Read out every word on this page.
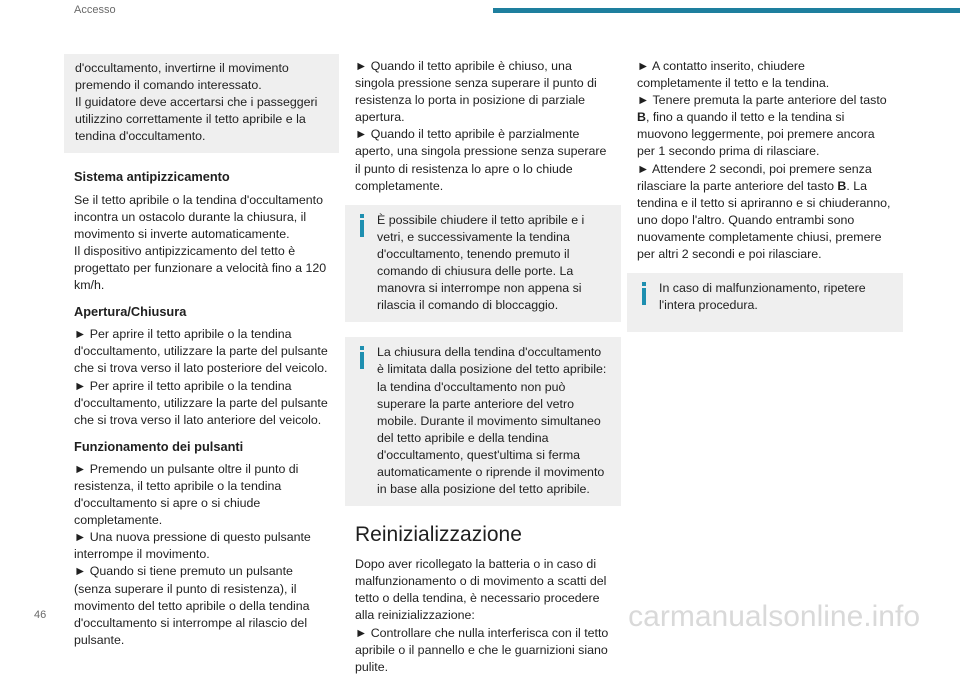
Accesso

d'occultamento, invertirne il movimento premendo il comando interessato.
Il guidatore deve accertarsi che i passeggeri utilizzino correttamente il tetto apribile e la tendina d'occultamento.

Sistema antipizzicamento

Se il tetto apribile o la tendina d'occultamento incontra un ostacolo durante la chiusura, il movimento si inverte automaticamente.
Il dispositivo antipizzicamento del tetto è progettato per funzionare a velocità fino a 120 km/h.

Apertura/Chiusura

► Per aprire il tetto apribile o la tendina d'occultamento, utilizzare la parte del pulsante che si trova verso il lato posteriore del veicolo.
► Per aprire il tetto apribile o la tendina d'occultamento, utilizzare la parte del pulsante che si trova verso il lato anteriore del veicolo.

Funzionamento dei pulsanti

► Premendo un pulsante oltre il punto di resistenza, il tetto apribile o la tendina d'occultamento si apre o si chiude completamente.
► Una nuova pressione di questo pulsante interrompe il movimento.
► Quando si tiene premuto un pulsante (senza superare il punto di resistenza), il movimento del tetto apribile o della tendina d'occultamento si interrompe al rilascio del pulsante.

► Quando il tetto apribile è chiuso, una singola pressione senza superare il punto di resistenza lo porta in posizione di parziale apertura.
► Quando il tetto apribile è parzialmente aperto, una singola pressione senza superare il punto di resistenza lo apre o lo chiude completamente.

È possibile chiudere il tetto apribile e i vetri, e successivamente la tendina d'occultamento, tenendo premuto il comando di chiusura delle porte. La manovra si interrompe non appena si rilascia il comando di bloccaggio.

La chiusura della tendina d'occultamento è limitata dalla posizione del tetto apribile: la tendina d'occultamento non può superare la parte anteriore del vetro mobile. Durante il movimento simultaneo del tetto apribile e della tendina d'occultamento, quest'ultima si ferma automaticamente o riprende il movimento in base alla posizione del tetto apribile.

Reinizializzazione

Dopo aver ricollegato la batteria o in caso di malfunzionamento o di movimento a scatti del tetto o della tendina, è necessario procedere alla reinizializzazione:
► Controllare che nulla interferisca con il tetto apribile o il pannello e che le guarnizioni siano pulite.

► A contatto inserito, chiudere completamente il tetto e la tendina.

► Tenere premuta la parte anteriore del tasto B, fino a quando il tetto e la tendina si muovono leggermente, poi premere ancora per 1 secondo prima di rilasciare.

► Attendere 2 secondi, poi premere senza rilasciare la parte anteriore del tasto B. La tendina e il tetto si apriranno e si chiuderanno, uno dopo l'altro. Quando entrambi sono nuovamente completamente chiusi, premere per altri 2 secondi e poi rilasciare.

In caso di malfunzionamento, ripetere l'intera procedura.

46	carmanualsonline.info
